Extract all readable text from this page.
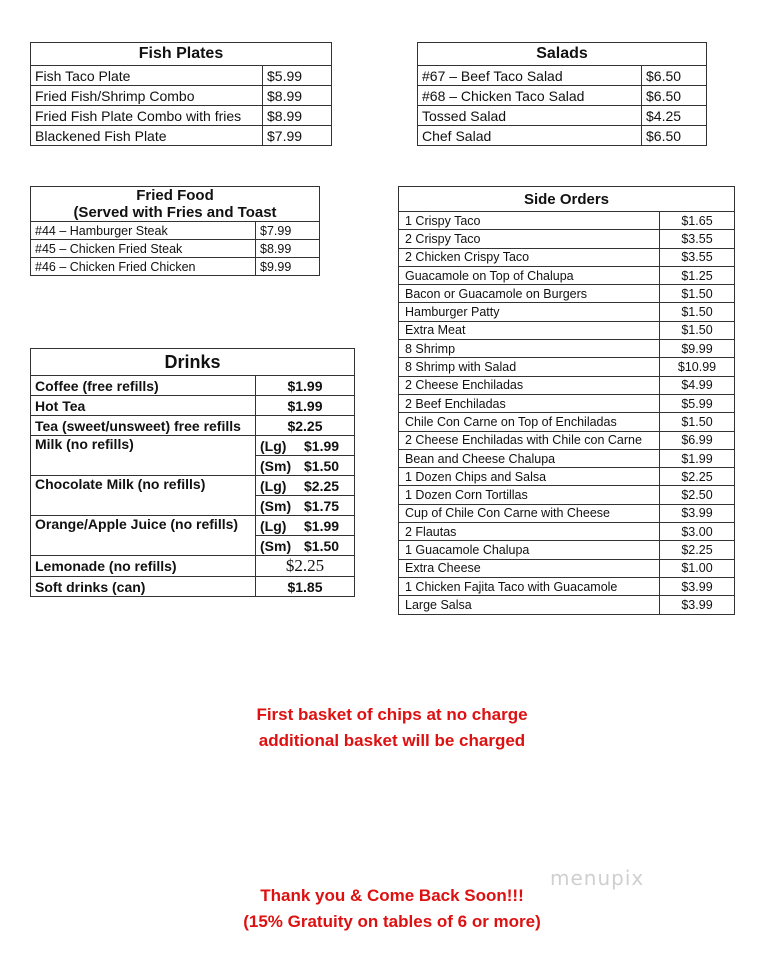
Fish Plates	
Fish Taco Plate	$5.99
Fried Fish/Shrimp Combo	$8.99
Fried Fish Plate Combo with fries	$8.99
Blackened Fish Plate	$7.99
Salads	
#67 – Beef Taco Salad	$6.50
#68 – Chicken Taco Salad	$6.50
Tossed Salad	$4.25
Chef Salad	$6.50
Fried Food
(Served with Fries and Toast	

#44 – Hamburger Steak	$7.99
#45 – Chicken Fried Steak	$8.99
#46 – Chicken Fried Chicken	$9.99
Side Orders	
1 Crispy Taco	$1.65
2 Crispy Taco	$3.55
2 Chicken Crispy Taco	$3.55
Guacamole on Top of Chalupa	$1.25
Bacon or Guacamole on Burgers	$1.50
Hamburger Patty	$1.50
Extra Meat	$1.50
8 Shrimp	$9.99
8 Shrimp with Salad	$10.99
2 Cheese Enchiladas	$4.99
2 Beef Enchiladas	$5.99
Chile Con Carne on Top of Enchiladas	$1.50
2 Cheese Enchiladas with Chile con Carne	$6.99
Bean and Cheese Chalupa	$1.99
1 Dozen Chips and Salsa	$2.25
1 Dozen Corn Tortillas	$2.50
Cup of Chile Con Carne with Cheese	$3.99
2 Flautas	$3.00
1 Guacamole Chalupa	$2.25
Extra Cheese	$1.00
1 Chicken Fajita Taco with Guacamole	$3.99
Large Salsa	$3.99
Drinks	
Coffee (free refills)	$1.99
Hot Tea	$1.99
Tea (sweet/unsweet) free refills	$2.25
Milk (no refills)	(Lg) $1.99
	(Sm) $1.50
Chocolate Milk (no refills)	(Lg) $2.25
	(Sm) $1.75
Orange/Apple Juice (no refills)	(Lg) $1.99
	(Sm) $1.50
Lemonade (no refills)	$2.25
Soft drinks (can)	$1.85
First basket of chips at no charge
additional basket will be charged
Thank you & Come Back Soon!!!
(15% Gratuity on tables of 6 or more)
menupix
